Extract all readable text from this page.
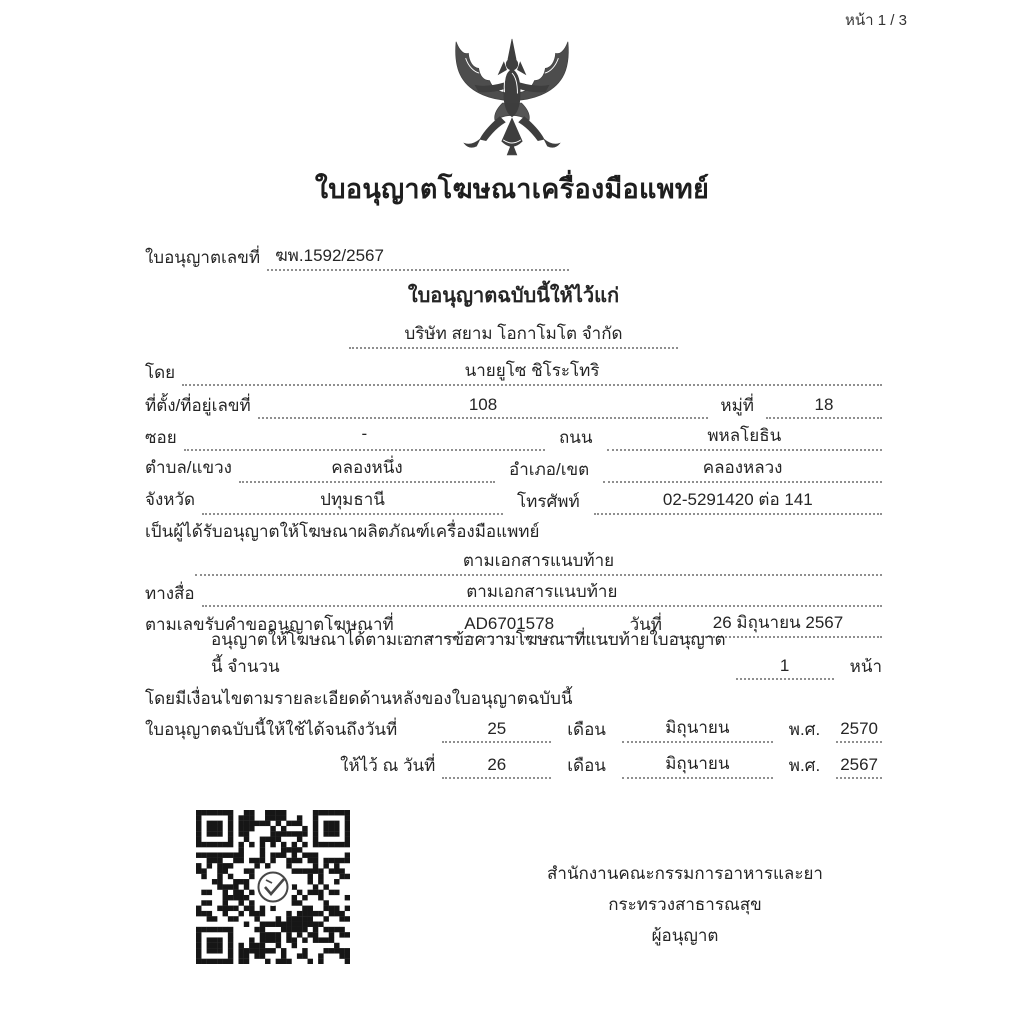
หน้า 1 / 3
ใบอนุญาตโฆษณาเครื่องมือแพทย์
ใบอนุญาตเลขที่ ฆพ.1592/2567
ใบอนุญาตฉบับนี้ให้ไว้แก่
บริษัท สยาม โอกาโมโต จำกัด
โดย	นายยูโซ ชิโระโทริ
ที่ตั้ง/ที่อยู่เลขที่	108	หมู่ที่	18
ซอย	-	ถนน	พหลโยธิน
ตำบล/แขวง	คลองหนึ่ง	อำเภอ/เขต	คลองหลวง
จังหวัด	ปทุมธานี	โทรศัพท์	02-5291420 ต่อ 141
เป็นผู้ได้รับอนุญาตให้โฆษณาผลิตภัณฑ์เครื่องมือแพทย์
ตามเอกสารแนบท้าย
ทางสื่อ	ตามเอกสารแนบท้าย
ตามเลขรับคำขออนุญาตโฆษณาที่	AD6701578	วันที่	26 มิถุนายน 2567
อนุญาตให้โฆษณาได้ตามเอกสารข้อความโฆษณาที่แนบท้ายใบอนุญาตนี้ จำนวน	1	หน้า
โดยมีเงื่อนไขตามรายละเอียดด้านหลังของใบอนุญาตฉบับนี้
ใบอนุญาตฉบับนี้ให้ใช้ได้จนถึงวันที่	25	เดือน	มิถุนายน	พ.ศ.	2570
ให้ไว้ ณ วันที่	26	เดือน	มิถุนายน	พ.ศ.	2567
สำนักงานคณะกรรมการอาหารและยา
กระทรวงสาธารณสุข
ผู้อนุญาต
